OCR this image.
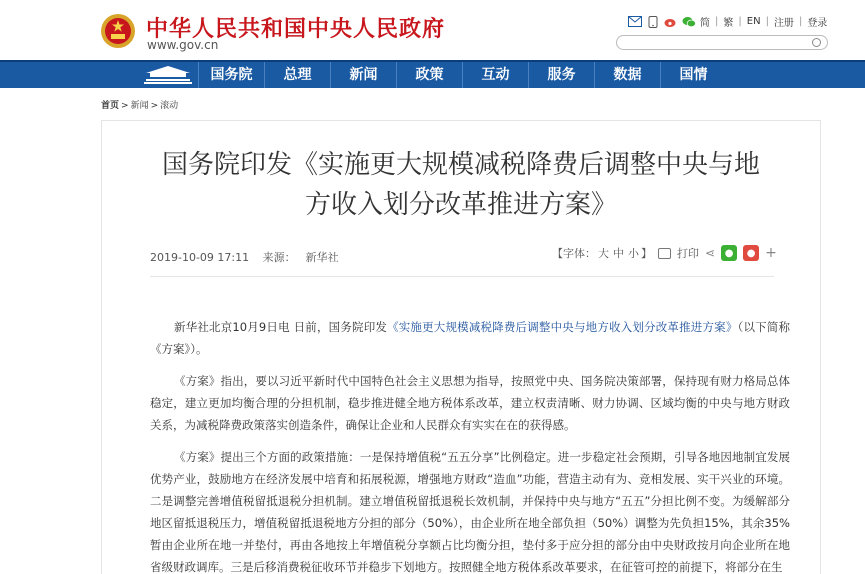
中华人民共和国中央人民政府
www.gov.cn
简 | 繁 | EN | 注册 | 登录
国务院	总理	新闻	政策	互动	服务	数据	国情
首页 > 新闻 > 滚动
国务院印发《实施更大规模减税降费后调整中央与地
方收入划分改革推进方案》
2019-10-09 17:11 来源： 新华社	【字体： 大 中 小 】 打印 ⋖ ●	● +

新华社北京10月9日电 日前，国务院印发《实施更大规模减税降费后调整中央与地方收入划分改革推进方案》（以下简称《方案》）。

《方案》指出，要以习近平新时代中国特色社会主义思想为指导，按照党中央、国务院决策部署，保持现有财力格局总体稳定，建立更加均衡合理的分担机制，稳步推进健全地方税体系改革，建立权责清晰、财力协调、区域均衡的中央与地方财政关系，为减税降费政策落实创造条件，确保让企业和人民群众有实实在在的获得感。

《方案》提出三个方面的政策措施：一是保持增值税“五五分享”比例稳定。进一步稳定社会预期，引导各地因地制宜发展优势产业，鼓励地方在经济发展中培育和拓展税源，增强地方财政“造血”功能，营造主动有为、竞相发展、实干兴业的环境。二是调整完善增值税留抵退税分担机制。建立增值税留抵退税长效机制，并保持中央与地方“五五”分担比例不变。为缓解部分地区留抵退税压力，增值税留抵退税地方分担的部分（50%），由企业所在地全部负担（50%）调整为先负担15%，其余35%暂由企业所在地一并垫付，再由各地按上年增值税分享额占比均衡分担，垫付多于应分担的部分由中央财政按月向企业所在地省级财政调库。三是后移消费税征收环节并稳步下划地方。按照健全地方税体系改革要求，在征管可控的前提下，将部分在生
